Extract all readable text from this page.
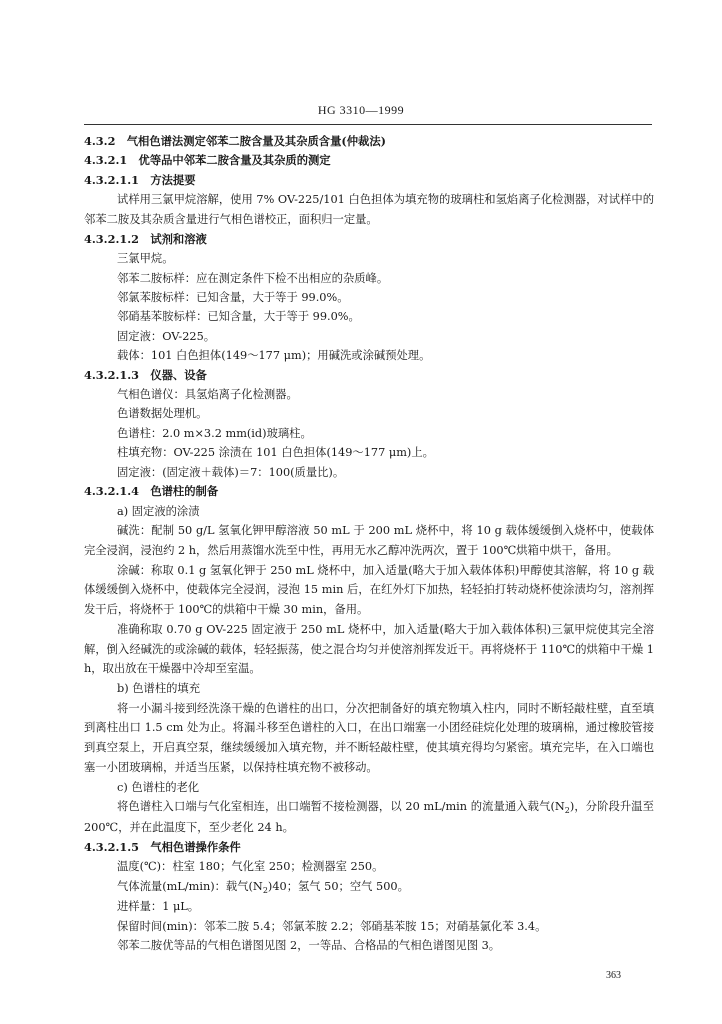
HG 3310—1999
4.3.2　气相色谱法测定邻苯二胺含量及其杂质含量(仲裁法)
4.3.2.1　优等品中邻苯二胺含量及其杂质的测定
4.3.2.1.1　方法提要
试样用三氯甲烷溶解，使用 7% OV-225/101 白色担体为填充物的玻璃柱和氢焰离子化检测器，对试样中的邻苯二胺及其杂质含量进行气相色谱校正，面积归一定量。
4.3.2.1.2　试剂和溶液
三氯甲烷。
邻苯二胺标样：应在测定条件下检不出相应的杂质峰。
邻氯苯胺标样：已知含量，大于等于 99.0%。
邻硝基苯胺标样：已知含量，大于等于 99.0%。
固定液：OV-225。
载体：101 白色担体(149～177 μm)；用碱洗或涂碱预处理。
4.3.2.1.3　仪器、设备
气相色谱仪：具氢焰离子化检测器。
色谱数据处理机。
色谱柱：2.0 m×3.2 mm(id)玻璃柱。
柱填充物：OV-225 涂渍在 101 白色担体(149～177 μm)上。
固定液：(固定液＋载体)＝7：100(质量比)。
4.3.2.1.4　色谱柱的制备
a) 固定液的涂渍
碱洗：配制 50 g/L 氢氧化钾甲醇溶液 50 mL 于 200 mL 烧杯中，将 10 g 载体缓缓倒入烧杯中，使载体完全浸润，浸泡约 2 h，然后用蒸馏水洗至中性，再用无水乙醇冲洗两次，置于 100℃烘箱中烘干，备用。
涂碱：称取 0.1 g 氢氧化钾于 250 mL 烧杯中，加入适量(略大于加入载体体积)甲醇使其溶解，将 10 g 载体缓缓倒入烧杯中，使载体完全浸润，浸泡 15 min 后，在红外灯下加热，轻轻拍打转动烧杯使涂渍均匀，溶剂挥发干后，将烧杯于 100℃的烘箱中干燥 30 min，备用。
准确称取 0.70 g OV-225 固定液于 250 mL 烧杯中，加入适量(略大于加入载体体积)三氯甲烷使其完全溶解，倒入经碱洗的或涂碱的载体，轻轻振荡，使之混合均匀并使溶剂挥发近干。再将烧杯于 110℃的烘箱中干燥 1 h，取出放在干燥器中冷却至室温。
b) 色谱柱的填充
将一小漏斗接到经洗涤干燥的色谱柱的出口，分次把制备好的填充物填入柱内，同时不断轻敲柱壁，直至填到离柱出口 1.5 cm 处为止。将漏斗移至色谱柱的入口，在出口端塞一小团经硅烷化处理的玻璃棉，通过橡胶管接到真空泵上，开启真空泵，继续缓缓加入填充物，并不断轻敲柱壁，使其填充得均匀紧密。填充完毕，在入口端也塞一小团玻璃棉，并适当压紧，以保持柱填充物不被移动。
c) 色谱柱的老化
将色谱柱入口端与气化室相连，出口端暂不接检测器，以 20 mL/min 的流量通入载气$(N_2)$，分阶段升温至 200℃，并在此温度下，至少老化 24 h。
4.3.2.1.5　气相色谱操作条件
温度(℃)：柱室 180；气化室 250；检测器室 250。
气体流量(mL/min)：载气$(N_2)40$；氢气 50；空气 500。
进样量：1 μL。
保留时间(min)：邻苯二胺 5.4；邻氯苯胺 2.2；邻硝基苯胺 15；对硝基氯化苯 3.4。
邻苯二胺优等品的气相色谱图见图 2，一等品、合格品的气相色谱图见图 3。
363
